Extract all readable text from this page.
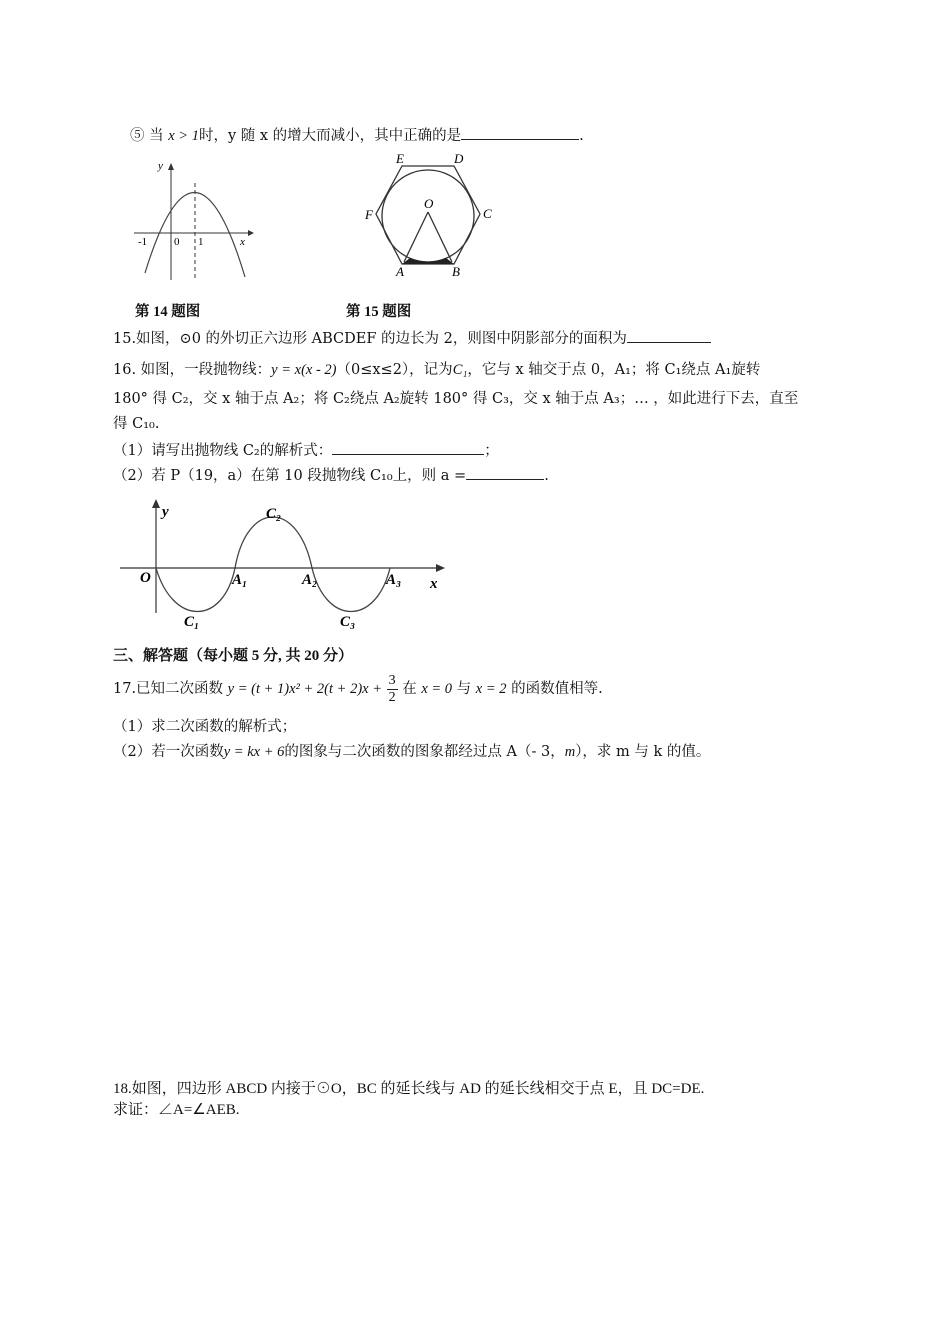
⑤ 当 x > 1时，y 随 x 的增大而减小，其中正确的是	.
y
x
-1 0 1
E	D
F	C
O
A	B
第 14 题图	第 15 题图
15.如图，⊙0 的外切正六边形 ABCDEF 的边长为 2，则图中阴影部分的面积为
16. 如图，一段抛物线：y = x(x - 2)（0≤x≤2），记为C₁，它与 x 轴交于点 0，A₁；将 C₁绕点 A₁旋转
180° 得 C₂，交 x 轴于点 A₂；将 C₂绕点 A₂旋转 180° 得 C₃，交 x 轴于点 A₃；… ，如此进行下去，直至
得 C₁₀.
（1）请写出抛物线 C₂的解析式：	；
（2）若 P（19，a）在第 10 段抛物线 C₁₀上，则 a =	.
y
x
O	A₁	A₂	A₃
C₁
C₂
C₃
三、解答题（每小题 5 分, 共 20 分）
17.已知二次函数 $y = (t + 1)x^2 + 2(t + 2)x + \frac{3}{2}$ 在 x = 0 与 x = 2 的函数值相等.
（1）求二次函数的解析式；
（2）若一次函数y = kx + 6的图象与二次函数的图象都经过点 A（- 3，m），求 m 与 k 的值。
18.如图，四边形 ABCD 内接于⊙O，BC 的延长线与 AD 的延长线相交于点 E，且 DC=DE.
求证：∠A=∠AEB.
